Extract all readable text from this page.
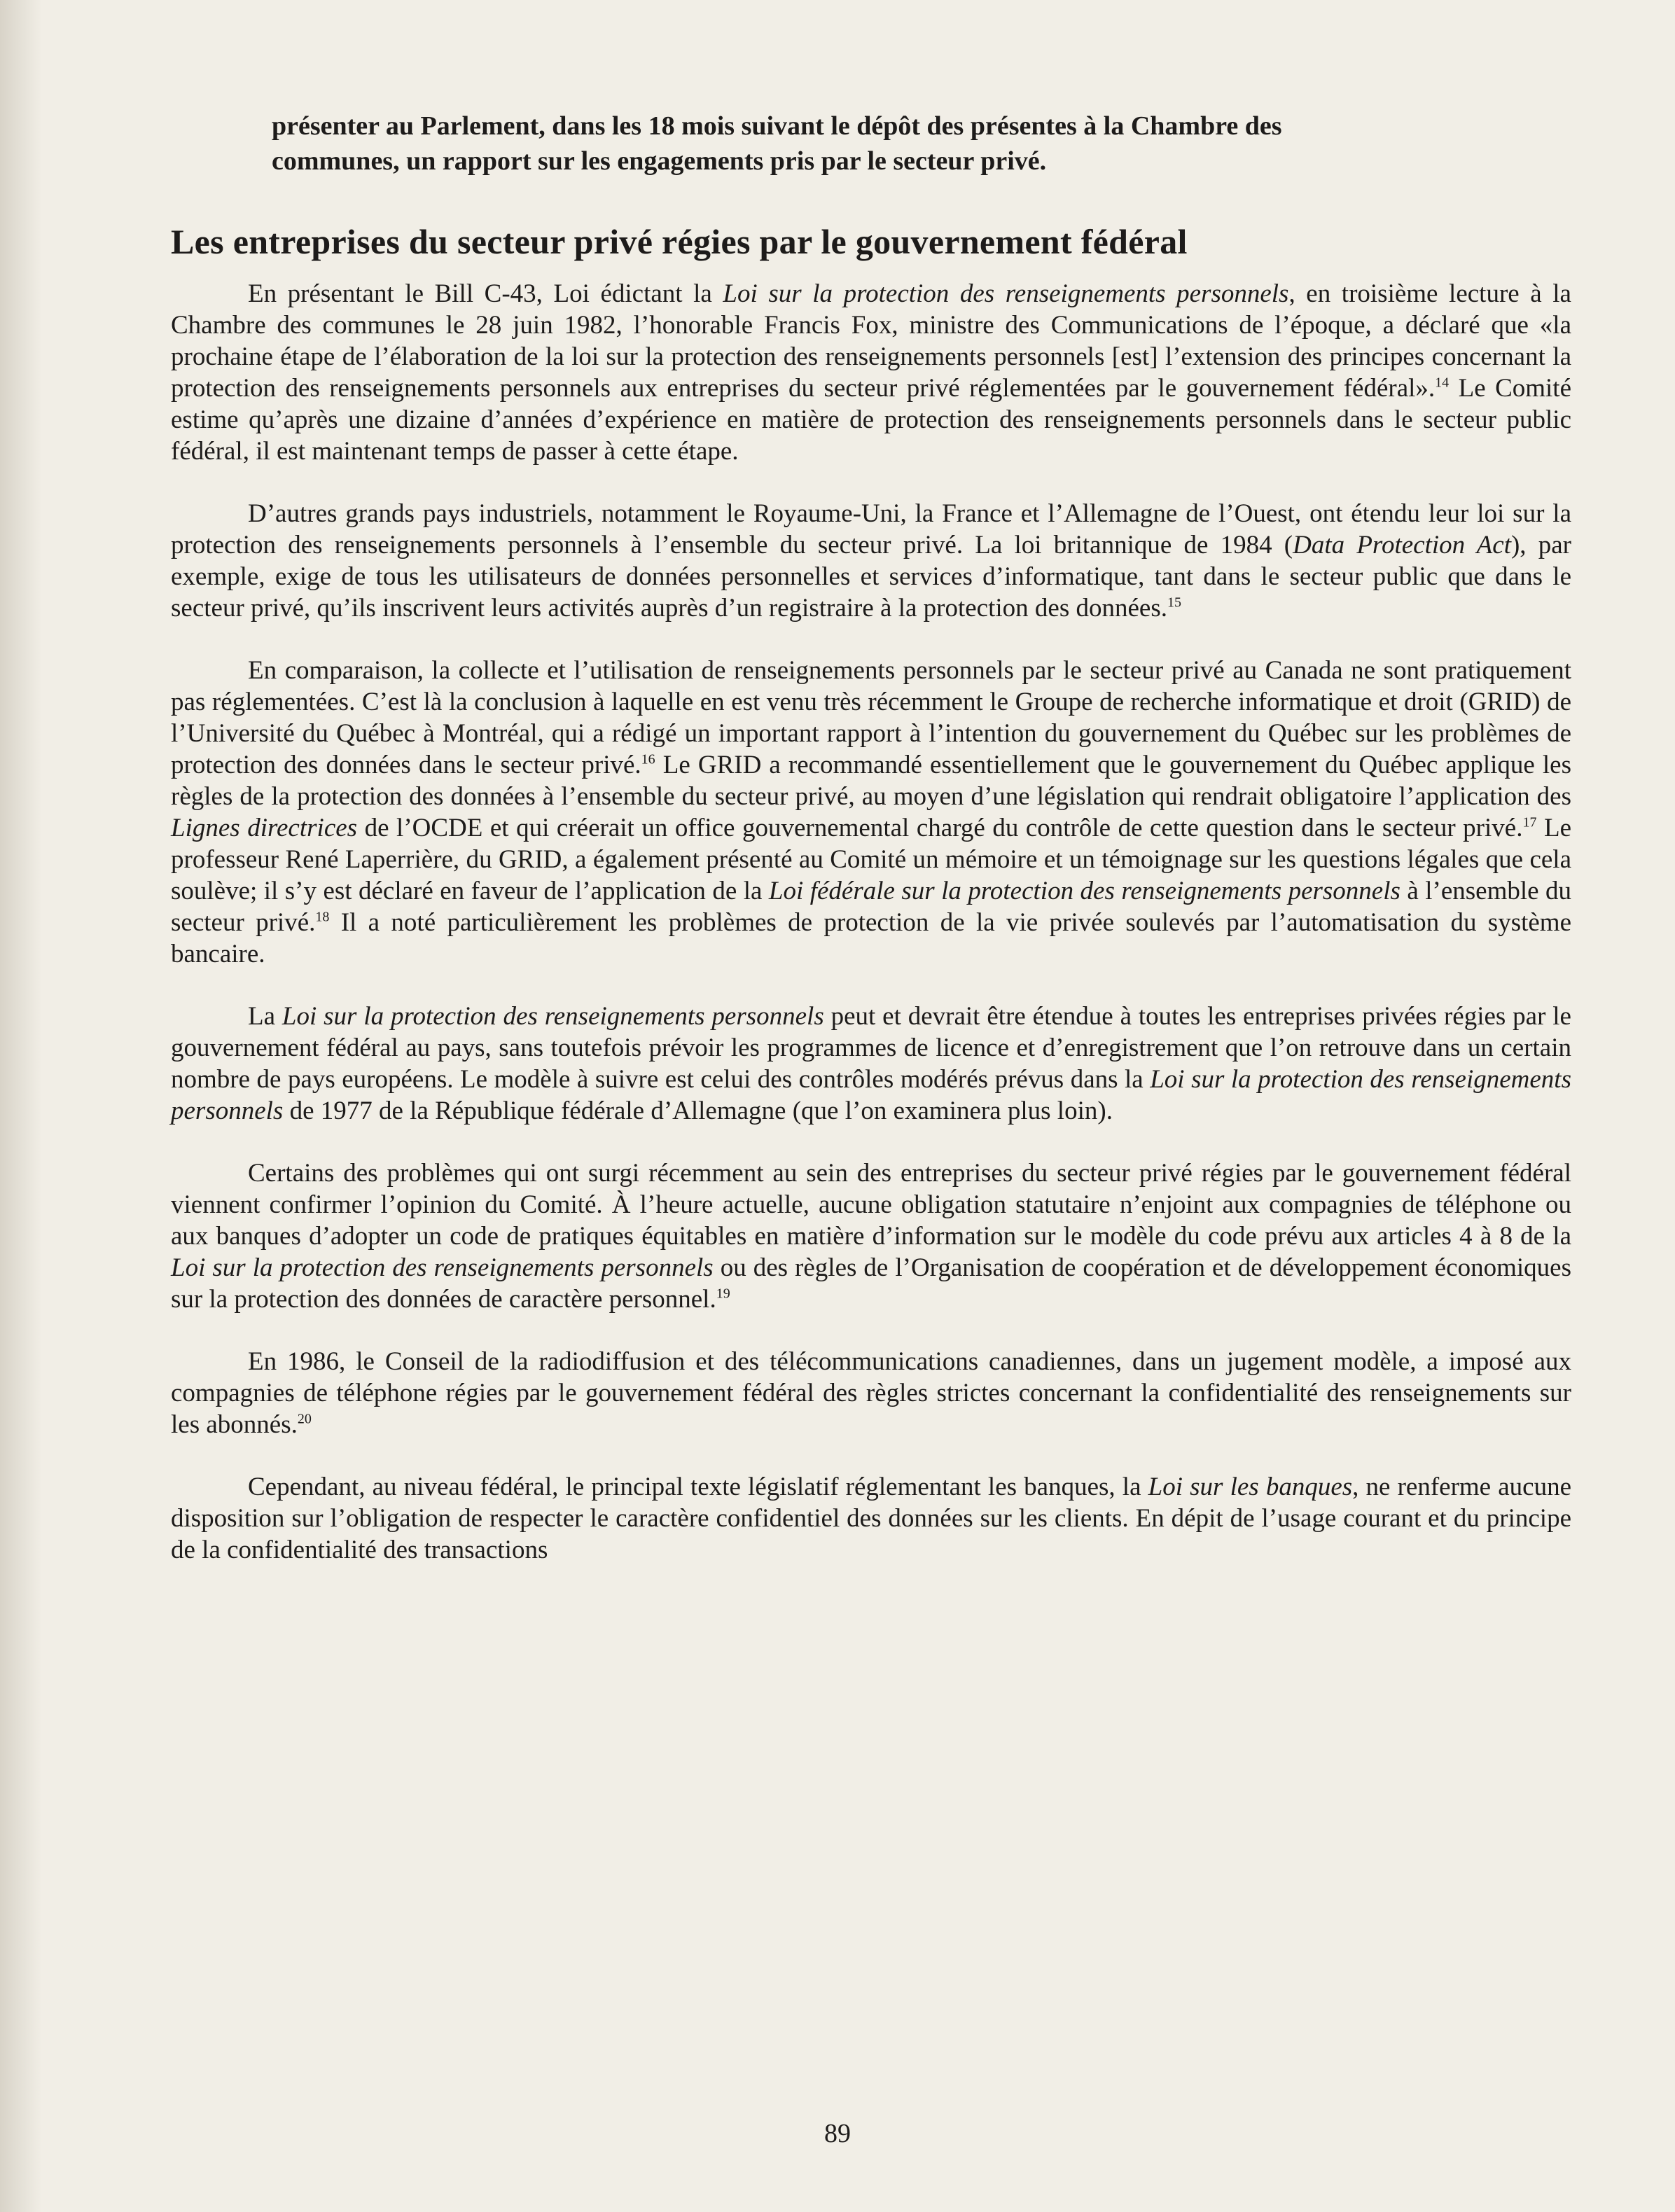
présenter au Parlement, dans les 18 mois suivant le dépôt des présentes à la Chambre des
communes, un rapport sur les engagements pris par le secteur privé.
Les entreprises du secteur privé régies par le gouvernement fédéral

En présentant le Bill C-43, Loi édictant la Loi sur la protection des renseignements personnels, en troisième lecture à la Chambre des communes le 28 juin 1982, l’honorable Francis Fox, ministre des Communications de l’époque, a déclaré que «la prochaine étape de l’élaboration de la loi sur la protection des renseignements personnels [est] l’extension des principes concernant la protection des renseignements personnels aux entreprises du secteur privé réglementées par le gouvernement fédéral».$^{14}$ Le Comité estime qu’après une dizaine d’années d’expérience en matière de protection des renseignements personnels dans le secteur public fédéral, il est maintenant temps de passer à cette étape.

D’autres grands pays industriels, notamment le Royaume-Uni, la France et l’Allemagne de l’Ouest, ont étendu leur loi sur la protection des renseignements personnels à l’ensemble du secteur privé. La loi britannique de 1984 (Data Protection Act), par exemple, exige de tous les utilisateurs de données personnelles et services d’informatique, tant dans le secteur public que dans le secteur privé, qu’ils inscrivent leurs activités auprès d’un registraire à la protection des données.$^{15}$

En comparaison, la collecte et l’utilisation de renseignements personnels par le secteur privé au Canada ne sont pratiquement pas réglementées. C’est là la conclusion à laquelle en est venu très récemment le Groupe de recherche informatique et droit (GRID) de l’Université du Québec à Montréal, qui a rédigé un important rapport à l’intention du gouvernement du Québec sur les problèmes de protection des données dans le secteur privé.$^{16}$ Le GRID a recommandé essentiellement que le gouvernement du Québec applique les règles de la protection des données à l’ensemble du secteur privé, au moyen d’une législation qui rendrait obligatoire l’application des Lignes directrices de l’OCDE et qui créerait un office gouvernemental chargé du contrôle de cette question dans le secteur privé.$^{17}$ Le professeur René Laperrière, du GRID, a également présenté au Comité un mémoire et un témoignage sur les questions légales que cela soulève; il s’y est déclaré en faveur de l’application de la Loi fédérale sur la protection des renseignements personnels à l’ensemble du secteur privé.$^{18}$ Il a noté particulièrement les problèmes de protection de la vie privée soulevés par l’automatisation du système bancaire.

La Loi sur la protection des renseignements personnels peut et devrait être étendue à toutes les entreprises privées régies par le gouvernement fédéral au pays, sans toutefois prévoir les programmes de licence et d’enregistrement que l’on retrouve dans un certain nombre de pays européens. Le modèle à suivre est celui des contrôles modérés prévus dans la Loi sur la protection des renseignements personnels de 1977 de la République fédérale d’Allemagne (que l’on examinera plus loin).

Certains des problèmes qui ont surgi récemment au sein des entreprises du secteur privé régies par le gouvernement fédéral viennent confirmer l’opinion du Comité. À l’heure actuelle, aucune obligation statutaire n’enjoint aux compagnies de téléphone ou aux banques d’adopter un code de pratiques équitables en matière d’information sur le modèle du code prévu aux articles 4 à 8 de la Loi sur la protection des renseignements personnels ou des règles de l’Organisation de coopération et de développement économiques sur la protection des données de caractère personnel.$^{19}$

En 1986, le Conseil de la radiodiffusion et des télécommunications canadiennes, dans un jugement modèle, a imposé aux compagnies de téléphone régies par le gouvernement fédéral des règles strictes concernant la confidentialité des renseignements sur les abonnés.$^{20}$

Cependant, au niveau fédéral, le principal texte législatif réglementant les banques, la Loi sur les banques, ne renferme aucune disposition sur l’obligation de respecter le caractère confidentiel des données sur les clients. En dépit de l’usage courant et du principe de la confidentialité des transactions

89
